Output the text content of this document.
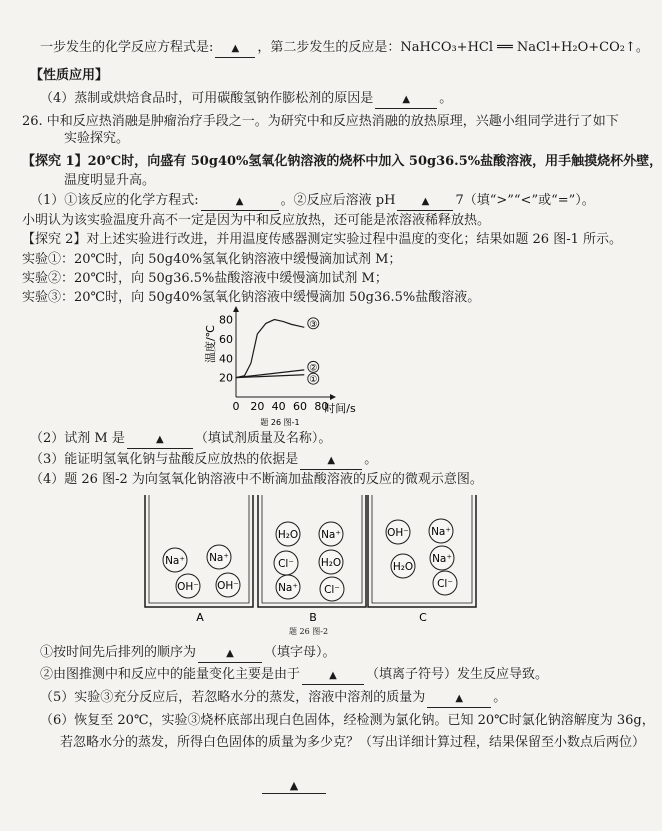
一步发生的化学反应方程式是: ▲ ，第二步发生的反应是：NaHCO₃+HCl ══ NaCl+H₂O+CO₂↑。
【性质应用】
（4）蒸制或烘焙食品时，可用碳酸氢钠作膨松剂的原因是	▲ 。
26. 中和反应热消融是肿瘤治疗手段之一。为研究中和反应热消融的放热原理，兴趣小组同学进行了如下
实验探究。
【探究 1】20℃时，向盛有 50g40%氢氧化钠溶液的烧杯中加入 50g36.5%盐酸溶液，用手触摸烧杯外壁，
温度明显升高。
（1）①该反应的化学方程式:	▲	。②反应后溶液 pH	▲ 7（填“>”“<”或“=”）。
小明认为该实验温度升高不一定是因为中和反应放热，还可能是浓溶液稀释放热。
【探究 2】对上述实验进行改进，并用温度传感器测定实验过程中温度的变化；结果如题 26 图-1 所示。
实验①：20℃时，向 50g40%氢氧化钠溶液中缓慢滴加试剂 M；
实验②：20℃时，向 50g36.5%盐酸溶液中缓慢滴加试剂 M；
实验③：20℃时，向 50g40%氢氧化钠溶液中缓慢滴加 50g36.5%盐酸溶液。
0 20 40 60 80
20
40
60
80	③
②
①
温度/℃
时间/s
题 26 图-1
（2）试剂 M 是	▲ （填试剂质量及名称）。
（3）能证明氢氧化钠与盐酸反应放热的依据是	▲ 。
（4）题 26 图-2 为向氢氧化钠溶液中不断滴加盐酸溶液的反应的微观示意图。
Na⁺ Na⁺
OH⁻ OH⁻
A
H₂O Na⁺
Cl⁻	H₂O
Na⁺ Cl⁻
B
OH⁻ Na⁺
H₂O
Na⁺
Cl⁻
C
题 26 图-2
①按时间先后排列的顺序为	▲ （填字母）。
②由图推测中和反应中的能量变化主要是由于	▲ （填离子符号）发生反应导致。
（5）实验③充分反应后，若忽略水分的蒸发，溶液中溶剂的质量为	▲ 。
（6）恢复至 20℃，实验③烧杯底部出现白色固体，经检测为氯化钠。已知 20℃时氯化钠溶解度为 36g，
若忽略水分的蒸发，所得白色固体的质量为多少克？（写出详细计算过程，结果保留至小数点后两位）
▲
